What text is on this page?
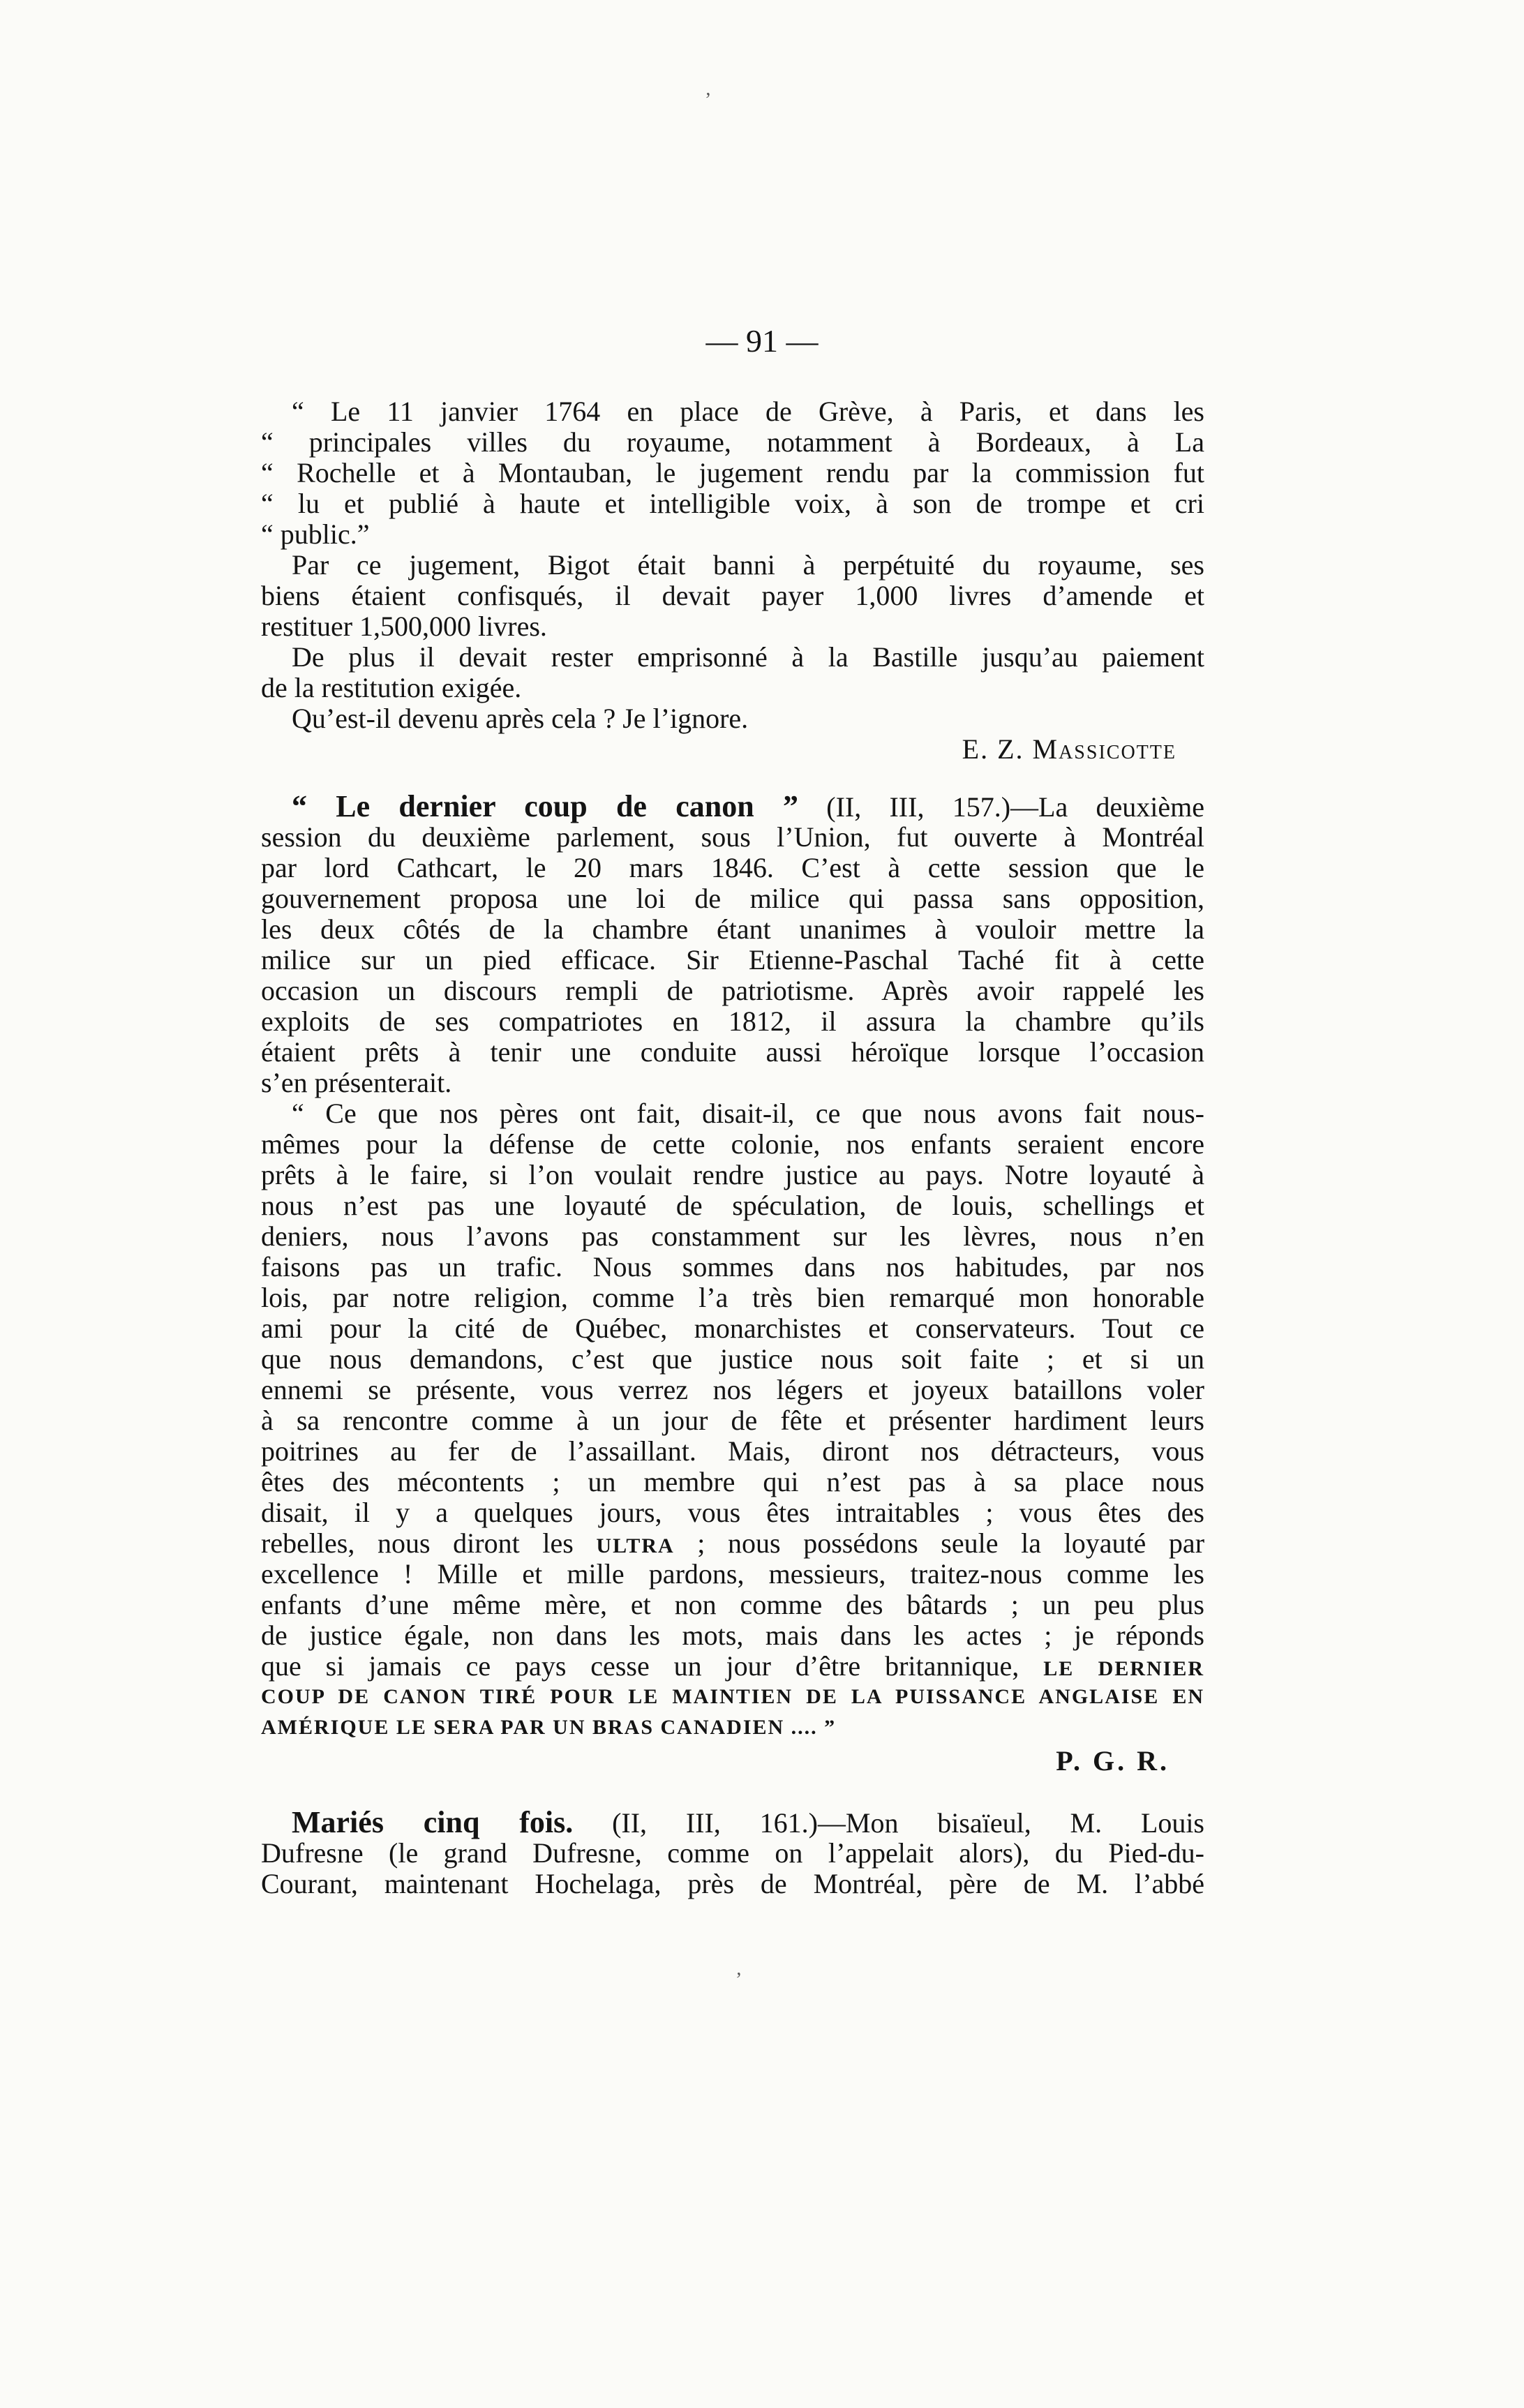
ʼ
— 91 —
“ Le 11 janvier 1764 en place de Grève, à Paris, et dans les
“ principales villes du royaume, notamment à Bordeaux, à La
“ Rochelle et à Montauban, le jugement rendu par la commission fut
“ lu et publié à haute et intelligible voix, à son de trompe et cri
“ public.”
Par ce jugement, Bigot était banni à perpétuité du royaume, ses
biens étaient confisqués, il devait payer 1,000 livres d’amende et
restituer 1,500,000 livres.
De plus il devait rester emprisonné à la Bastille jusqu’au paiement
de la restitution exigée.
Qu’est-il devenu après cela ? Je l’ignore.
E. Z. Massicotte
“ Le dernier coup de canon ” (II, III, 157.)—La deuxième
session du deuxième parlement, sous l’Union, fut ouverte à Montréal
par lord Cathcart, le 20 mars 1846. C’est à cette session que le
gouvernement proposa une loi de milice qui passa sans opposition,
les deux côtés de la chambre étant unanimes à vouloir mettre la
milice sur un pied efficace. Sir Etienne-Paschal Taché fit à cette
occasion un discours rempli de patriotisme. Après avoir rappelé les
exploits de ses compatriotes en 1812, il assura la chambre qu’ils
étaient prêts à tenir une conduite aussi héroïque lorsque l’occasion
s’en présenterait.
“ Ce que nos pères ont fait, disait-il, ce que nous avons fait nous-
mêmes pour la défense de cette colonie, nos enfants seraient encore
prêts à le faire, si l’on voulait rendre justice au pays. Notre loyauté à
nous n’est pas une loyauté de spéculation, de louis, schellings et
deniers, nous l’avons pas constamment sur les lèvres, nous n’en
faisons pas un trafic. Nous sommes dans nos habitudes, par nos
lois, par notre religion, comme l’a très bien remarqué mon honorable
ami pour la cité de Québec, monarchistes et conservateurs. Tout ce
que nous demandons, c’est que justice nous soit faite ; et si un
ennemi se présente, vous verrez nos légers et joyeux bataillons voler
à sa rencontre comme à un jour de fête et présenter hardiment leurs
poitrines au fer de l’assaillant. Mais, diront nos détracteurs, vous
êtes des mécontents ; un membre qui n’est pas à sa place nous
disait, il y a quelques jours, vous êtes intraitables ; vous êtes des
rebelles, nous diront les ULTRA ; nous possédons seule la loyauté par
excellence ! Mille et mille pardons, messieurs, traitez-nous comme les
enfants d’une même mère, et non comme des bâtards ; un peu plus
de justice égale, non dans les mots, mais dans les actes ; je réponds
que si jamais ce pays cesse un jour d’être britannique, LE DERNIER
COUP DE CANON TIRÉ POUR LE MAINTIEN DE LA PUISSANCE ANGLAISE EN
AMÉRIQUE LE SERA PAR UN BRAS CANADIEN .... ”
P. G. R.
Mariés cinq fois. (II, III, 161.)—Mon bisaïeul, M. Louis
Dufresne (le grand Dufresne, comme on l’appelait alors), du Pied-du-
Courant, maintenant Hochelaga, près de Montréal, père de M. l’abbé
ʼ
